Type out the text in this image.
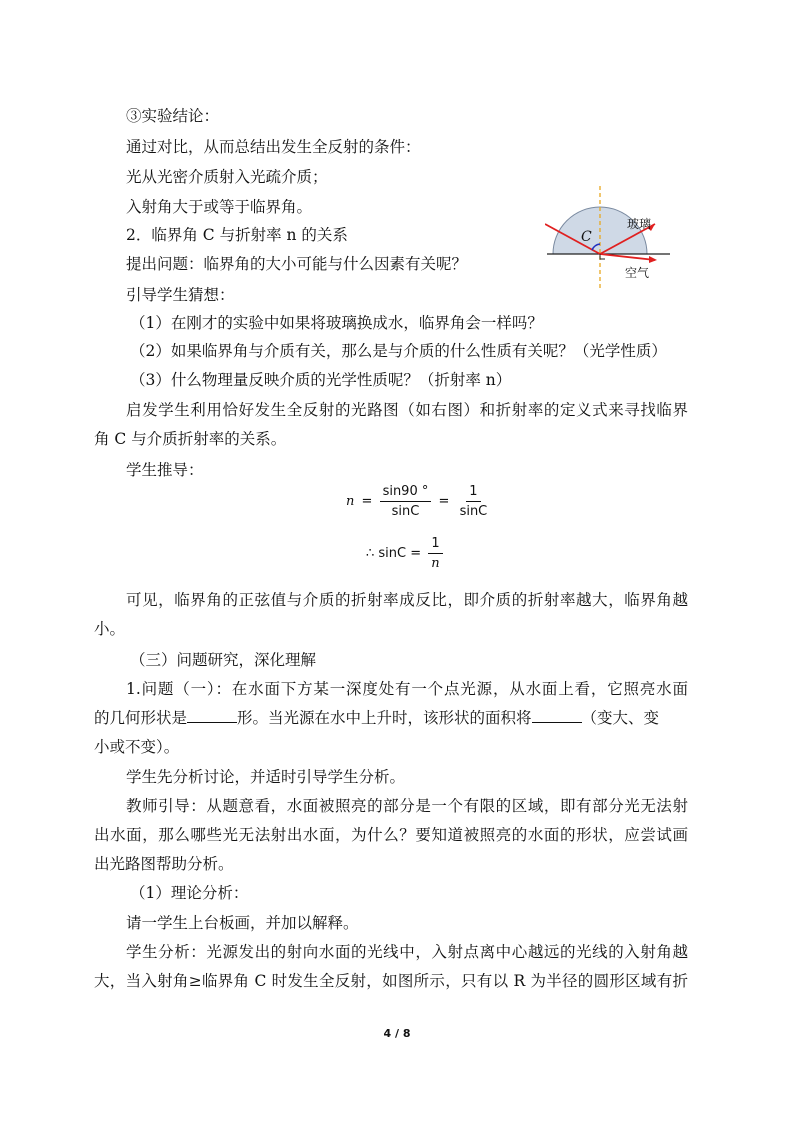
③实验结论：
通过对比，从而总结出发生全反射的条件：
光从光密介质射入光疏介质；
入射角大于或等于临界角。
2．临界角 C 与折射率 n 的关系
提出问题：临界角的大小可能与什么因素有关呢？
引导学生猜想：
（1）在刚才的实验中如果将玻璃换成水，临界角会一样吗？
（2）如果临界角与介质有关，那么是与介质的什么性质有关呢？（光学性质）
（3）什么物理量反映介质的光学性质呢？（折射率 n）
启发学生利用恰好发生全反射的光路图（如右图）和折射率的定义式来寻找临界
角 C 与介质折射率的关系。
学生推导：
$n = \frac{\sin 90 ^\circ}{\sin C} = \frac{1}{\sin C}$
∴ $\sin C = \frac{1}{n}$
可见，临界角的正弦值与介质的折射率成反比，即介质的折射率越大，临界角越
小。
（三）问题研究，深化理解
1.问题（一）：在水面下方某一深度处有一个点光源，从水面上看，它照亮水面
的几何形状是	形。当光源在水中上升时，该形状的面积将	（变大、变
小或不变）。
学生先分析讨论，并适时引导学生分析。
教师引导：从题意看，水面被照亮的部分是一个有限的区域，即有部分光无法射
出水面，那么哪些光无法射出水面，为什么？要知道被照亮的水面的形状，应尝试画
出光路图帮助分析。
（1）理论分析：
请一学生上台板画，并加以解释。
学生分析：光源发出的射向水面的光线中，入射点离中心越远的光线的入射角越
大，当入射角≥临界角 C 时发生全反射，如图所示，只有以 R 为半径的圆形区域有折
C
玻璃
空气
4 / 8
